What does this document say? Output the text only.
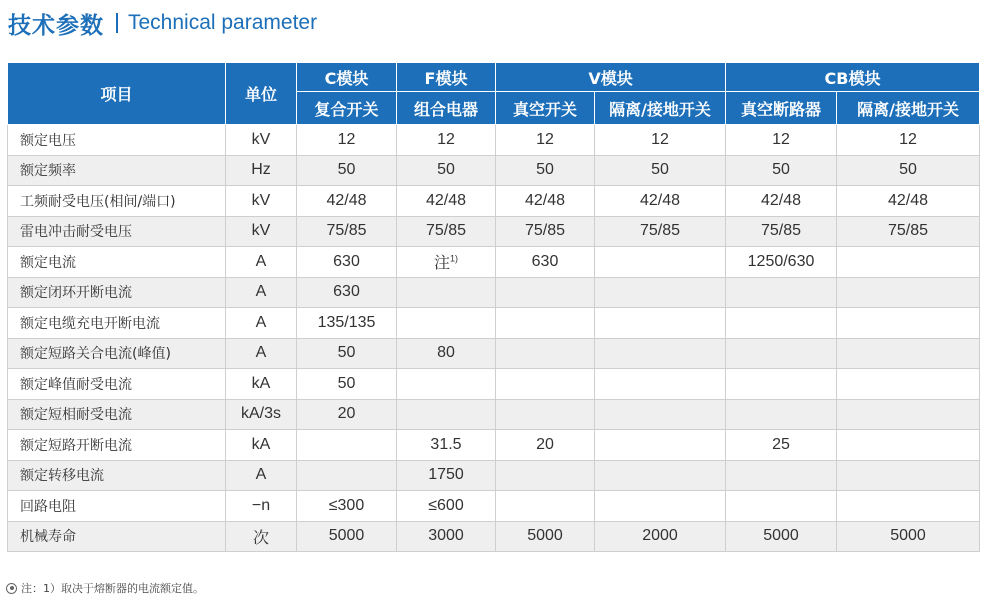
技术参数 Technical parameter
项目	单位	C模块	F模块	V模块		CB模块	
		复合开关	组合电器	真空开关	隔离/接地开关	真空断路器	隔离/接地开关
额定电压	kV	12	12	12	12	12	12
额定频率	Hz	50	50	50	50	50	50
工频耐受电压(相间/端口)	kV	42/48	42/48	42/48	42/48	42/48	42/48
雷电冲击耐受电压	kV	75/85	75/85	75/85	75/85	75/85	75/85
额定电流	A	630	注$^{1)}$	630		1250/630	
额定闭环开断电流	A	630					
额定电缆充电开断电流	A	135/135					
额定短路关合电流(峰值)	A	50	80				
额定峰值耐受电流	kA	50					
额定短相耐受电流	kA/3s	20					
额定短路开断电流	kA		31.5	20		25	
额定转移电流	A		1750				
回路电阻	−n	≤300	≤600				
机械寿命	次	5000	3000	5000	2000	5000	5000
注：1）取决于熔断器的电流额定值。
